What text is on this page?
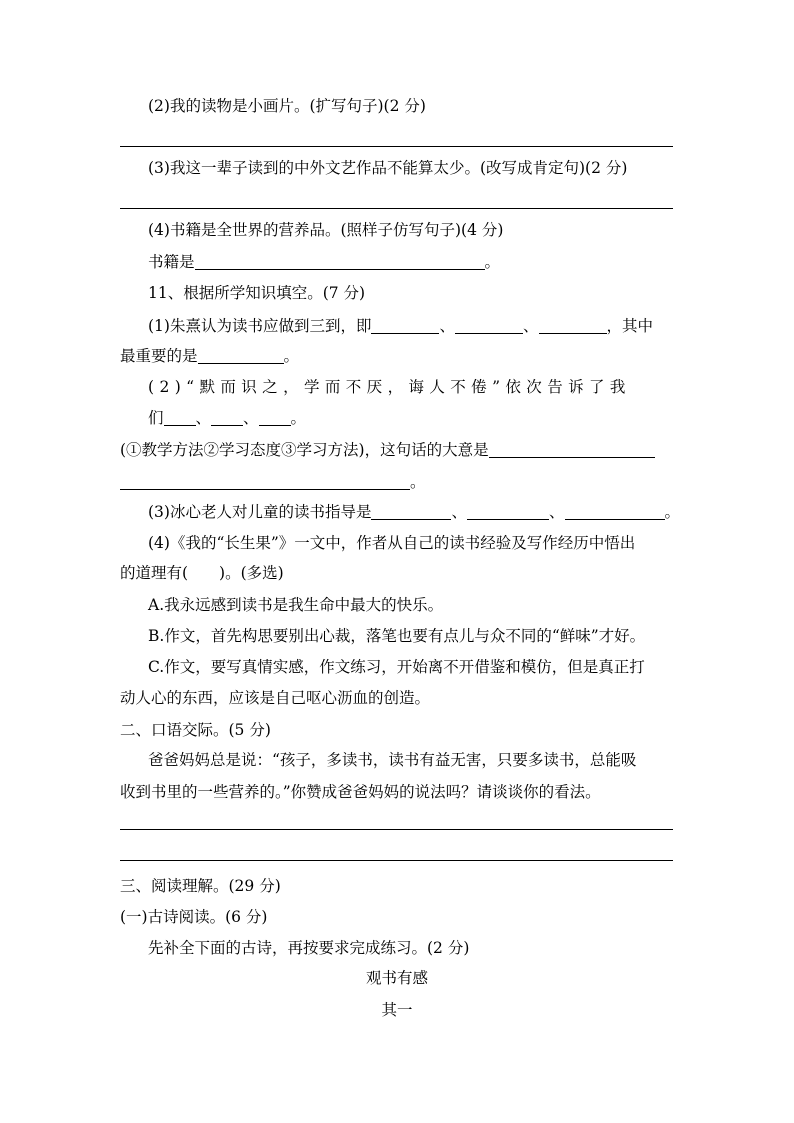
(2)我的读物是小画片。(扩写句子)(2 分)
(3)我这一辈子读到的中外文艺作品不能算太少。(改写成肯定句)(2 分)
(4)书籍是全世界的营养品。(照样子仿写句子)(4 分)
书籍是	。
11、根据所学知识填空。(7 分)
(1)朱熹认为读书应做到三到，即	、	、	，其中
最重要的是	。
(2)“默而识之，学而不厌，诲人不倦”依次告诉了我
们 、 、 。
(①教学方法②学习态度③学习方法)，这句话的大意是
。
(3)冰心老人对儿童的读书指导是	、	、	。
(4)《我的“长生果”》一文中，作者从自己的读书经验及写作经历中悟出
的道理有(　　)。(多选)
A.我永远感到读书是我生命中最大的快乐。
B.作文，首先构思要别出心裁，落笔也要有点儿与众不同的“鲜味”才好。
C.作文，要写真情实感，作文练习，开始离不开借鉴和模仿，但是真正打
动人心的东西，应该是自己呕心沥血的创造。
二、口语交际。(5 分)
爸爸妈妈总是说：“孩子，多读书，读书有益无害，只要多读书，总能吸
收到书里的一些营养的。”你赞成爸爸妈妈的说法吗？请谈谈你的看法。
三、阅读理解。(29 分)
(一)古诗阅读。(6 分)
先补全下面的古诗，再按要求完成练习。(2 分)
观书有感
其一
